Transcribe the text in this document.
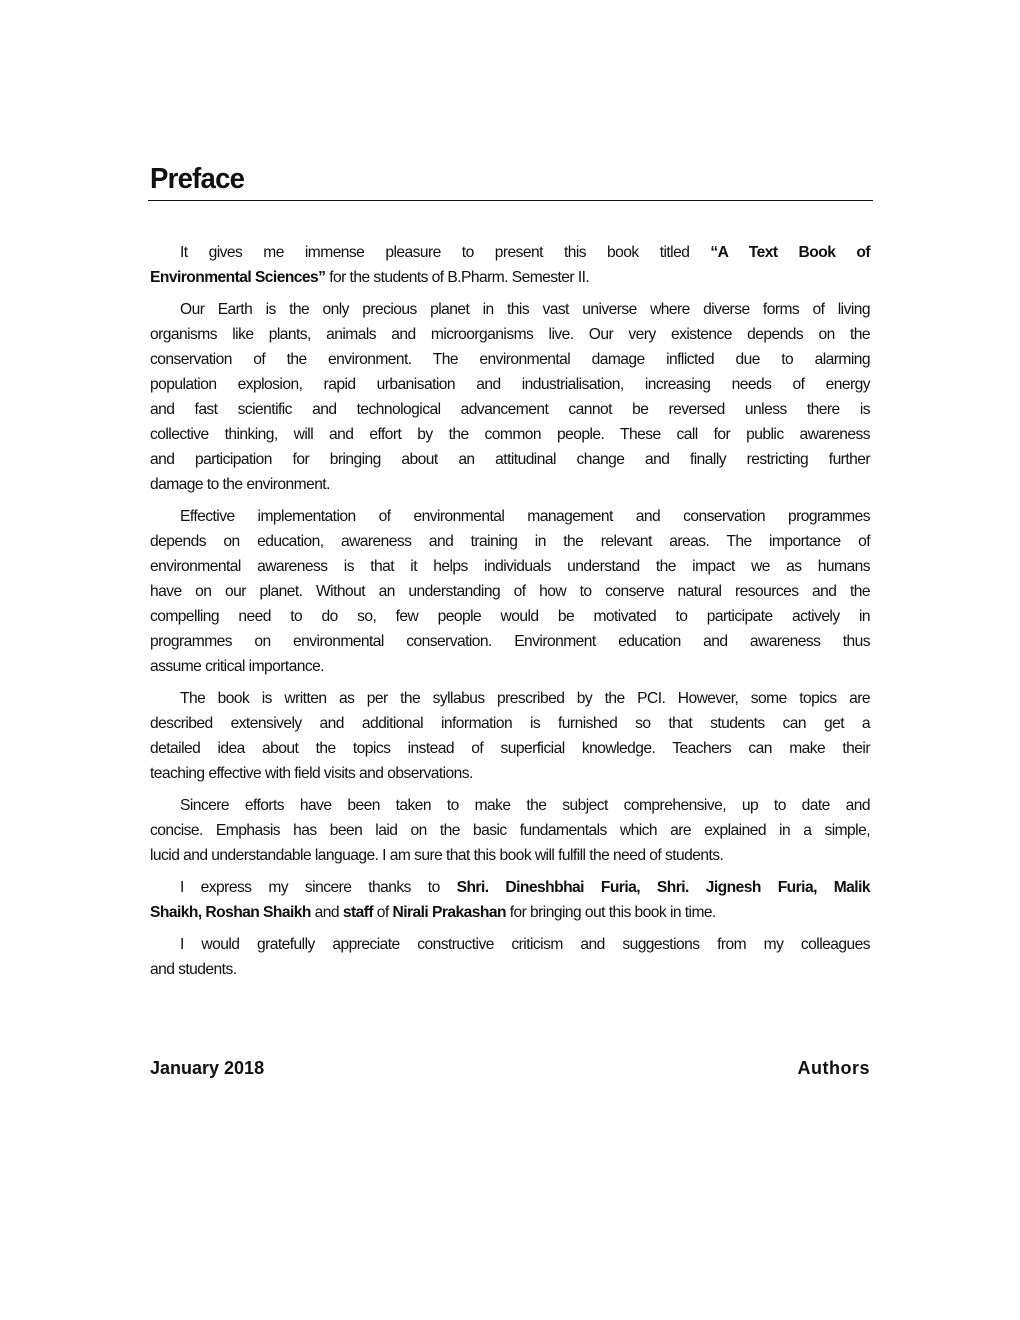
Preface
It gives me immense pleasure to present this book titled “A Text Book of
Environmental Sciences” for the students of B.Pharm. Semester II.
Our Earth is the only precious planet in this vast universe where diverse forms of living
organisms like plants, animals and microorganisms live. Our very existence depends on the
conservation of the environment. The environmental damage inflicted due to alarming
population explosion, rapid urbanisation and industrialisation, increasing needs of energy
and fast scientific and technological advancement cannot be reversed unless there is
collective thinking, will and effort by the common people. These call for public awareness
and participation for bringing about an attitudinal change and finally restricting further
damage to the environment.
Effective implementation of environmental management and conservation programmes
depends on education, awareness and training in the relevant areas. The importance of
environmental awareness is that it helps individuals understand the impact we as humans
have on our planet. Without an understanding of how to conserve natural resources and the
compelling need to do so, few people would be motivated to participate actively in
programmes on environmental conservation. Environment education and awareness thus
assume critical importance.
The book is written as per the syllabus prescribed by the PCI. However, some topics are
described extensively and additional information is furnished so that students can get a
detailed idea about the topics instead of superficial knowledge. Teachers can make their
teaching effective with field visits and observations.
Sincere efforts have been taken to make the subject comprehensive, up to date and
concise. Emphasis has been laid on the basic fundamentals which are explained in a simple,
lucid and understandable language. I am sure that this book will fulfill the need of students.
I express my sincere thanks to Shri. Dineshbhai Furia, Shri. Jignesh Furia, Malik
Shaikh, Roshan Shaikh and staff of Nirali Prakashan for bringing out this book in time.
I would gratefully appreciate constructive criticism and suggestions from my colleagues
and students.
January 2018	Authors
